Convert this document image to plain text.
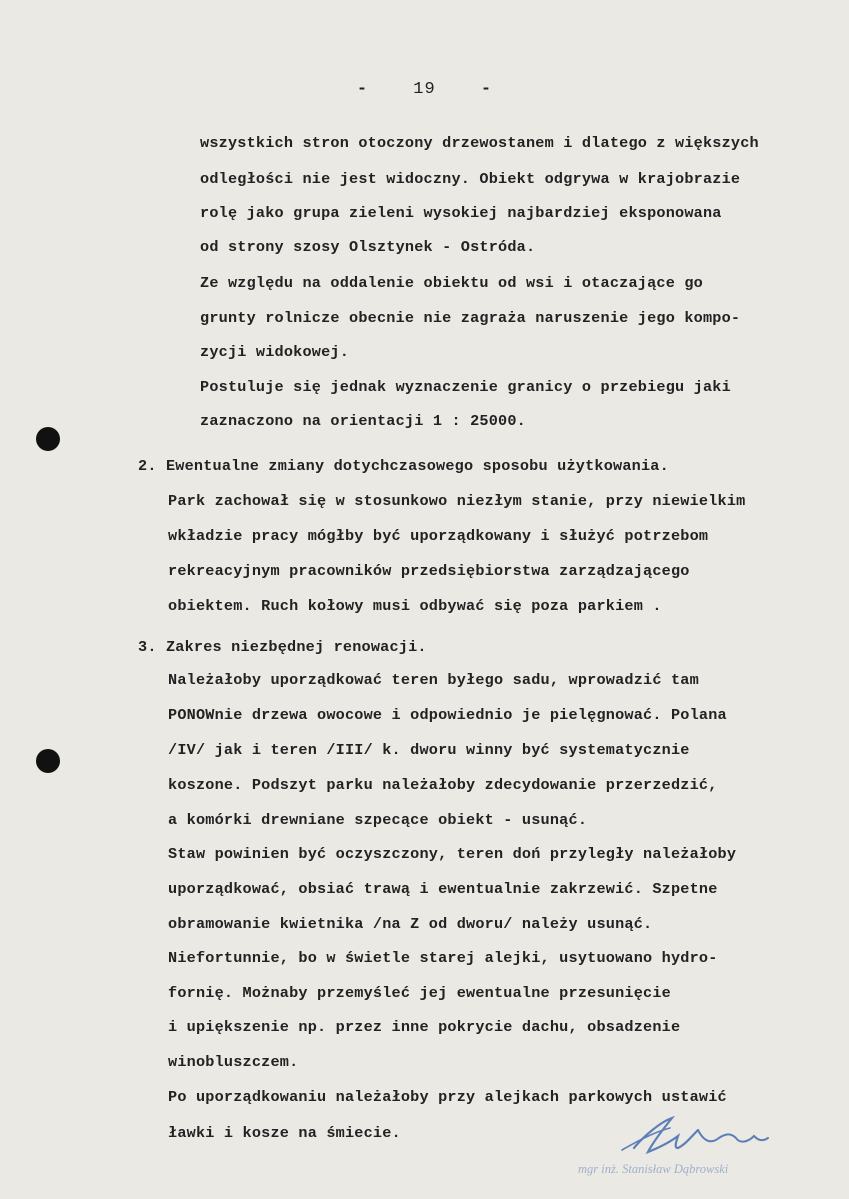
-	19	-
wszystkich stron otoczony drzewostanem i dlatego z większych
odległości nie jest widoczny. Obiekt odgrywa w krajobrazie
rolę jako grupa zieleni wysokiej najbardziej eksponowana
od strony szosy Olsztynek - Ostróda.
Ze względu na oddalenie obiektu od wsi i otaczające go
grunty rolnicze obecnie nie zagraża naruszenie jego kompo-
zycji widokowej.
Postuluje się jednak wyznaczenie granicy o przebiegu jaki
zaznaczono na orientacji 1 : 25000.
2. Ewentualne zmiany dotychczasowego sposobu użytkowania.
Park zachował się w stosunkowo niezłym stanie, przy niewielkim
wkładzie pracy mógłby być uporządkowany i służyć potrzebom
rekreacyjnym pracowników przedsiębiorstwa zarządzającego
obiektem. Ruch kołowy musi odbywać się poza parkiem .
3. Zakres niezbędnej renowacji.
Należałoby uporządkować teren byłego sadu, wprowadzić tam
PONOWnie drzewa owocowe i odpowiednio je pielęgnować. Polana
/IV/ jak i teren /III/ k. dworu winny być systematycznie
koszone. Podszyt parku należałoby zdecydowanie przerzedzić,
a komórki drewniane szpecące obiekt - usunąć.
Staw powinien być oczyszczony, teren doń przyległy należałoby
uporządkować, obsiać trawą i ewentualnie zakrzewić. Szpetne
obramowanie kwietnika /na Z od dworu/ należy usunąć.
Niefortunnie, bo w świetle starej alejki, usytuowano hydro-
fornię. Możnaby przemyśleć jej ewentualne przesunięcie
i upiększenie np. przez inne pokrycie dachu, obsadzenie
winobluszczem.
Po uporządkowaniu należałoby przy alejkach parkowych ustawić
ławki i kosze na śmiecie.
mgr inż. Stanisław Dąbrowski
